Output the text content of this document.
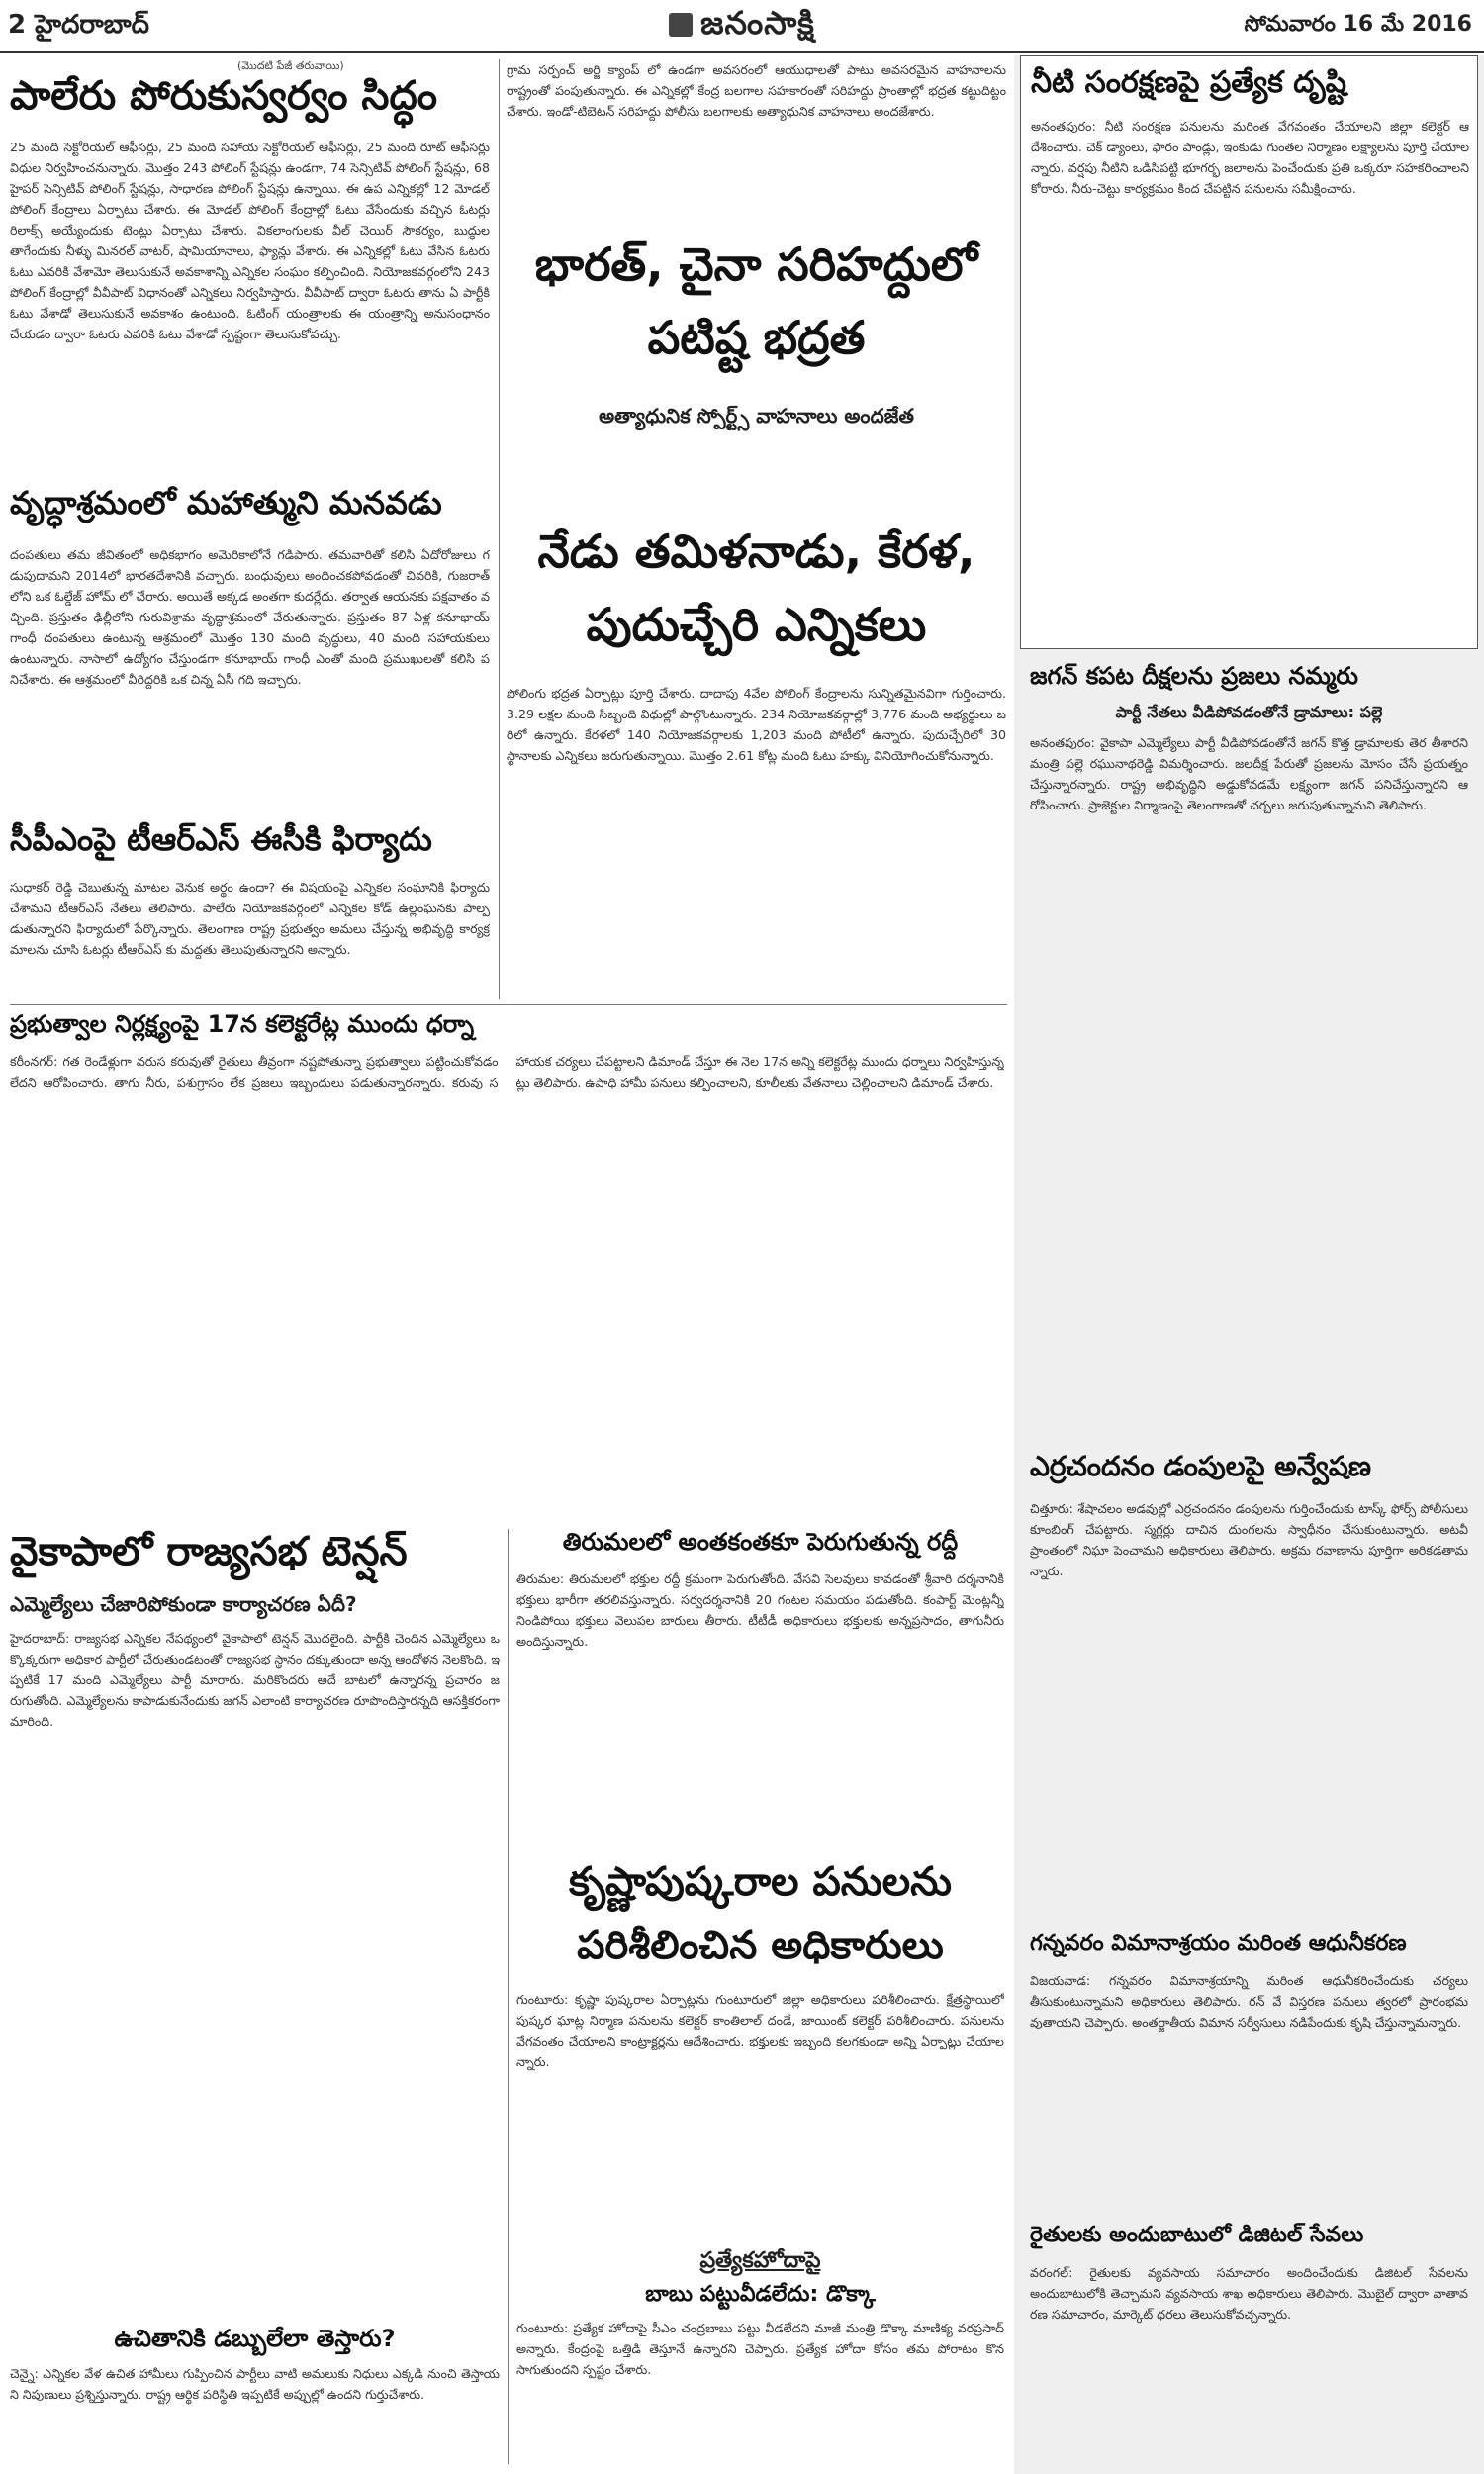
2 హైదరాబాద్	జనంసాక్షి	సోమవారం 16 మే 2016
(మొదటి పేజీ తరువాయి)
పాలేరు పోరుకుస్వర్వం సిద్ధం
25 మంది సెక్టోరియల్ ఆఫీసర్లు, 25 మంది సహాయ సెక్టోరియల్ ఆఫీసర్లు, 25 మంది రూట్ ఆఫీసర్లు విధుల నిర్వహించనున్నారు. మొత్తం 243 పోలింగ్ స్టేషన్లు ఉండగా, 74 సెన్సిటివ్ పోలింగ్ స్టేషన్లు, 68 హైపర్ సెన్సిటివ్ పోలింగ్ స్టేషన్లు, సాధారణ పోలింగ్ స్టేషన్లు ఉన్నాయి. ఈ ఉప ఎన్నికల్లో 12 మోడల్ పోలింగ్ కేంద్రాలు ఏర్పాటు చేశారు. ఈ మోడల్ పోలింగ్ కేంద్రాల్లో ఓటు వేసేందుకు వచ్చిన ఓటర్లు రిలాక్స్ అయ్యేందుకు టెంట్లు ఏర్పాటు చేశారు. వికలాంగులకు వీల్ చెయిర్ సౌకర్యం, బుద్ధుల తాగేందుకు నీళ్ళు మినరల్ వాటర్, షామియానాలు, ఫ్యాన్లు వేశారు. ఈ ఎన్నికల్లో ఓటు వేసిన ఓటరు ఓటు ఎవరికి వేశామో తెలుసుకునే అవకాశాన్ని ఎన్నికల సంఘం కల్పించింది. నియోజకవర్గంలోని 243 పోలింగ్ కేంద్రాల్లో వీవీపాట్ విధానంతో ఎన్నికలు నిర్వహిస్తారు. వీవీపాట్ ద్వారా ఓటరు తాను ఏ పార్టీకి ఓటు వేశాడో తెలుసుకునే అవకాశం ఉంటుంది. ఓటింగ్ యంత్రాలకు ఈ యంత్రాన్ని అనుసంధానం చేయడం ద్వారా ఓటరు ఎవరికి ఓటు వేశాడో స్పష్టంగా తెలుసుకోవచ్చు.
వృద్ధాశ్రమంలో మహాత్ముని మనవడు
దంపతులు తమ జీవితంలో అధికభాగం అమెరికాలోనే గడిపారు. తమవారితో కలిసి ఏదోరోజులు గడుపుదామని 2014లో భారతదేశానికి వచ్చారు. బంధువులు అందించకపోవడంతో చివరికి, గుజరాత్ లోని ఒక ఓల్డేజ్ హోమ్ లో చేరారు. అయితే అక్కడ అంతగా కుదర్లేదు. తర్వాత ఆయనకు పక్షవాతం వచ్చింది. ప్రస్తుతం ఢిల్లీలోని గురువిశ్రామ వృద్ధాశ్రమంలో చేరుతున్నారు. ప్రస్తుతం 87 ఏళ్ల కనూభాయ్ గాంధీ దంపతులు ఉంటున్న ఆశ్రమంలో మొత్తం 130 మంది వృద్ధులు, 40 మంది సహాయకులు ఉంటున్నారు. నాసాలో ఉద్యోగం చేస్తుండగా కనూభాయ్ గాంధీ ఎంతో మంది ప్రముఖులతో కలిసి పనిచేశారు. ఈ ఆశ్రమంలో వీరిద్దరికి ఒక చిన్న ఏసీ గది ఇచ్చారు.
సీపీఎంపై టీఆర్ఎస్ ఈసీకి ఫిర్యాదు
సుధాకర్ రెడ్డి చెబుతున్న మాటల వెనుక అర్థం ఉందా? ఈ విషయంపై ఎన్నికల సంఘానికి ఫిర్యాదు చేశామని టీఆర్ఎస్ నేతలు తెలిపారు. పాలేరు నియోజకవర్గంలో ఎన్నికల కోడ్ ఉల్లంఘనకు పాల్పడుతున్నారని ఫిర్యాదులో పేర్కొన్నారు. తెలంగాణ రాష్ట్ర ప్రభుత్వం అమలు చేస్తున్న అభివృద్ధి కార్యక్రమాలను చూసి ఓటర్లు టీఆర్ఎస్ కు మద్దతు తెలుపుతున్నారని అన్నారు.
గ్రామ సర్పంచ్ అర్జి క్యాంప్ లో ఉండగా అవసరంలో ఆయుధాలతో పాటు అవసరమైన వాహనాలను రాష్ట్రంతో పంపుతున్నారు. ఈ ఎన్నికల్లో కేంద్ర బలగాల సహకారంతో సరిహద్దు ప్రాంతాల్లో భద్రత కట్టుదిట్టం చేశారు. ఇండో-టిబెటన్ సరిహద్దు పోలీసు బలగాలకు అత్యాధునిక వాహనాలు అందజేశారు.
భారత్, చైనా సరిహద్దులో పటిష్ట భద్రత
అత్యాధునిక స్పోర్ట్స్ వాహనాలు అందజేత
నేడు తమిళనాడు, కేరళ, పుదుచ్చేరి ఎన్నికలు
పోలింగు భద్రత ఏర్పాట్లు పూర్తి చేశారు. దాదాపు 4వేల పోలింగ్ కేంద్రాలను సున్నితమైనవిగా గుర్తించారు. 3.29 లక్షల మంది సిబ్బంది విధుల్లో పాల్గొంటున్నారు. 234 నియోజకవర్గాల్లో 3,776 మంది అభ్యర్థులు బరిలో ఉన్నారు. కేరళలో 140 నియోజకవర్గాలకు 1,203 మంది పోటీలో ఉన్నారు. పుదుచ్చేరిలో 30 స్థానాలకు ఎన్నికలు జరుగుతున్నాయి. మొత్తం 2.61 కోట్ల మంది ఓటు హక్కు వినియోగించుకోనున్నారు.
ప్రభుత్వాల నిర్లక్ష్యంపై 17న కలెక్టరేట్ల ముందు ధర్నా
కరీంనగర్: గత రెండేళ్లుగా వరుస కరువుతో రైతులు తీవ్రంగా నష్టపోతున్నా ప్రభుత్వాలు పట్టించుకోవడం లేదని ఆరోపించారు. తాగు నీరు, పశుగ్రాసం లేక ప్రజలు ఇబ్బందులు పడుతున్నారన్నారు. కరువు సహాయక చర్యలు చేపట్టాలని డిమాండ్ చేస్తూ ఈ నెల 17న అన్ని కలెక్టరేట్ల ముందు ధర్నాలు నిర్వహిస్తున్నట్లు తెలిపారు. ఉపాధి హామీ పనులు కల్పించాలని, కూలీలకు వేతనాలు చెల్లించాలని డిమాండ్ చేశారు.
వైకాపాలో రాజ్యసభ టెన్షన్
ఎమ్మెల్యేలు చేజారిపోకుండా కార్యాచరణ ఏదీ?
హైదరాబాద్: రాజ్యసభ ఎన్నికల నేపథ్యంలో వైకాపాలో టెన్షన్ మొదలైంది. పార్టీకి చెందిన ఎమ్మెల్యేలు ఒక్కొక్కరుగా అధికార పార్టీలో చేరుతుండటంతో రాజ్యసభ స్థానం దక్కుతుందా అన్న ఆందోళన నెలకొంది. ఇప్పటికే 17 మంది ఎమ్మెల్యేలు పార్టీ మారారు. మరికొందరు అదే బాటలో ఉన్నారన్న ప్రచారం జరుగుతోంది. ఎమ్మెల్యేలను కాపాడుకునేందుకు జగన్ ఎలాంటి కార్యాచరణ రూపొందిస్తారన్నది ఆసక్తికరంగా మారింది.
ఉచితానికి డబ్బులేలా తెస్తారు?
చెన్నై: ఎన్నికల వేళ ఉచిత హామీలు గుప్పించిన పార్టీలు వాటి అమలుకు నిధులు ఎక్కడి నుంచి తెస్తాయని నిపుణులు ప్రశ్నిస్తున్నారు. రాష్ట్ర ఆర్థిక పరిస్థితి ఇప్పటికే అప్పుల్లో ఉందని గుర్తుచేశారు.
తిరుమలలో అంతకంతకూ పెరుగుతున్న రద్దీ
తిరుమల: తిరుమలలో భక్తుల రద్దీ క్రమంగా పెరుగుతోంది. వేసవి సెలవులు కావడంతో శ్రీవారి దర్శనానికి భక్తులు భారీగా తరలివస్తున్నారు. సర్వదర్శనానికి 20 గంటల సమయం పడుతోంది. కంపార్ట్ మెంట్లన్నీ నిండిపోయి భక్తులు వెలుపల బారులు తీరారు. టీటీడీ అధికారులు భక్తులకు అన్నప్రసాదం, తాగునీరు అందిస్తున్నారు.
కృష్ణాపుష్కరాల పనులను పరిశీలించిన అధికారులు
గుంటూరు: కృష్ణా పుష్కరాల ఏర్పాట్లను గుంటూరులో జిల్లా అధికారులు పరిశీలించారు. క్షేత్రస్థాయిలో పుష్కర ఘాట్ల నిర్మాణ పనులను కలెక్టర్ కాంతిలాల్ దండే, జాయింట్ కలెక్టర్ పరిశీలించారు. పనులను వేగవంతం చేయాలని కాంట్రాక్టర్లను ఆదేశించారు. భక్తులకు ఇబ్బంది కలగకుండా అన్ని ఏర్పాట్లు చేయాలన్నారు.
ప్రత్యేకహోదాపై
బాబు పట్టువీడలేదు: డొక్కా
గుంటూరు: ప్రత్యేక హోదాపై సీఎం చంద్రబాబు పట్టు వీడలేదని మాజీ మంత్రి డొక్కా మాణిక్య వరప్రసాద్ అన్నారు. కేంద్రంపై ఒత్తిడి తెస్తూనే ఉన్నారని చెప్పారు. ప్రత్యేక హోదా కోసం తమ పోరాటం కొనసాగుతుందని స్పష్టం చేశారు.
నీటి సంరక్షణపై ప్రత్యేక దృష్టి
అనంతపురం: నీటి సంరక్షణ పనులను మరింత వేగవంతం చేయాలని జిల్లా కలెక్టర్ ఆదేశించారు. చెక్ డ్యాంలు, ఫారం పాండ్లు, ఇంకుడు గుంతల నిర్మాణం లక్ష్యాలను పూర్తి చేయాలన్నారు. వర్షపు నీటిని ఒడిసిపట్టి భూగర్భ జలాలను పెంచేందుకు ప్రతి ఒక్కరూ సహకరించాలని కోరారు. నీరు-చెట్టు కార్యక్రమం కింద చేపట్టిన పనులను సమీక్షించారు.
జగన్ కపట దీక్షలను ప్రజలు నమ్మరు
పార్టీ నేతలు వీడిపోవడంతోనే డ్రామాలు: పల్లె
అనంతపురం: వైకాపా ఎమ్మెల్యేలు పార్టీ వీడిపోవడంతోనే జగన్ కొత్త డ్రామాలకు తెర తీశారని మంత్రి పల్లె రఘునాథరెడ్డి విమర్శించారు. జలదీక్ష పేరుతో ప్రజలను మోసం చేసే ప్రయత్నం చేస్తున్నారన్నారు. రాష్ట్ర అభివృద్ధిని అడ్డుకోవడమే లక్ష్యంగా జగన్ పనిచేస్తున్నారని ఆరోపించారు. ప్రాజెక్టుల నిర్మాణంపై తెలంగాణతో చర్చలు జరుపుతున్నామని తెలిపారు.
ఎర్రచందనం డంపులపై అన్వేషణ
చిత్తూరు: శేషాచలం అడవుల్లో ఎర్రచందనం డంపులను గుర్తించేందుకు టాస్క్ ఫోర్స్ పోలీసులు కూంబింగ్ చేపట్టారు. స్మగ్లర్లు దాచిన దుంగలను స్వాధీనం చేసుకుంటున్నారు. అటవీ ప్రాంతంలో నిఘా పెంచామని అధికారులు తెలిపారు. అక్రమ రవాణాను పూర్తిగా అరికడతామన్నారు.
గన్నవరం విమానాశ్రయం మరింత ఆధునీకరణ
విజయవాడ: గన్నవరం విమానాశ్రయాన్ని మరింత ఆధునీకరించేందుకు చర్యలు తీసుకుంటున్నామని అధికారులు తెలిపారు. రన్ వే విస్తరణ పనులు త్వరలో ప్రారంభమవుతాయని చెప్పారు. అంతర్జాతీయ విమాన సర్వీసులు నడిపేందుకు కృషి చేస్తున్నామన్నారు.
రైతులకు అందుబాటులో డిజిటల్ సేవలు
వరంగల్: రైతులకు వ్యవసాయ సమాచారం అందించేందుకు డిజిటల్ సేవలను అందుబాటులోకి తెచ్చామని వ్యవసాయ శాఖ అధికారులు తెలిపారు. మొబైల్ ద్వారా వాతావరణ సమాచారం, మార్కెట్ ధరలు తెలుసుకోవచ్చన్నారు.
